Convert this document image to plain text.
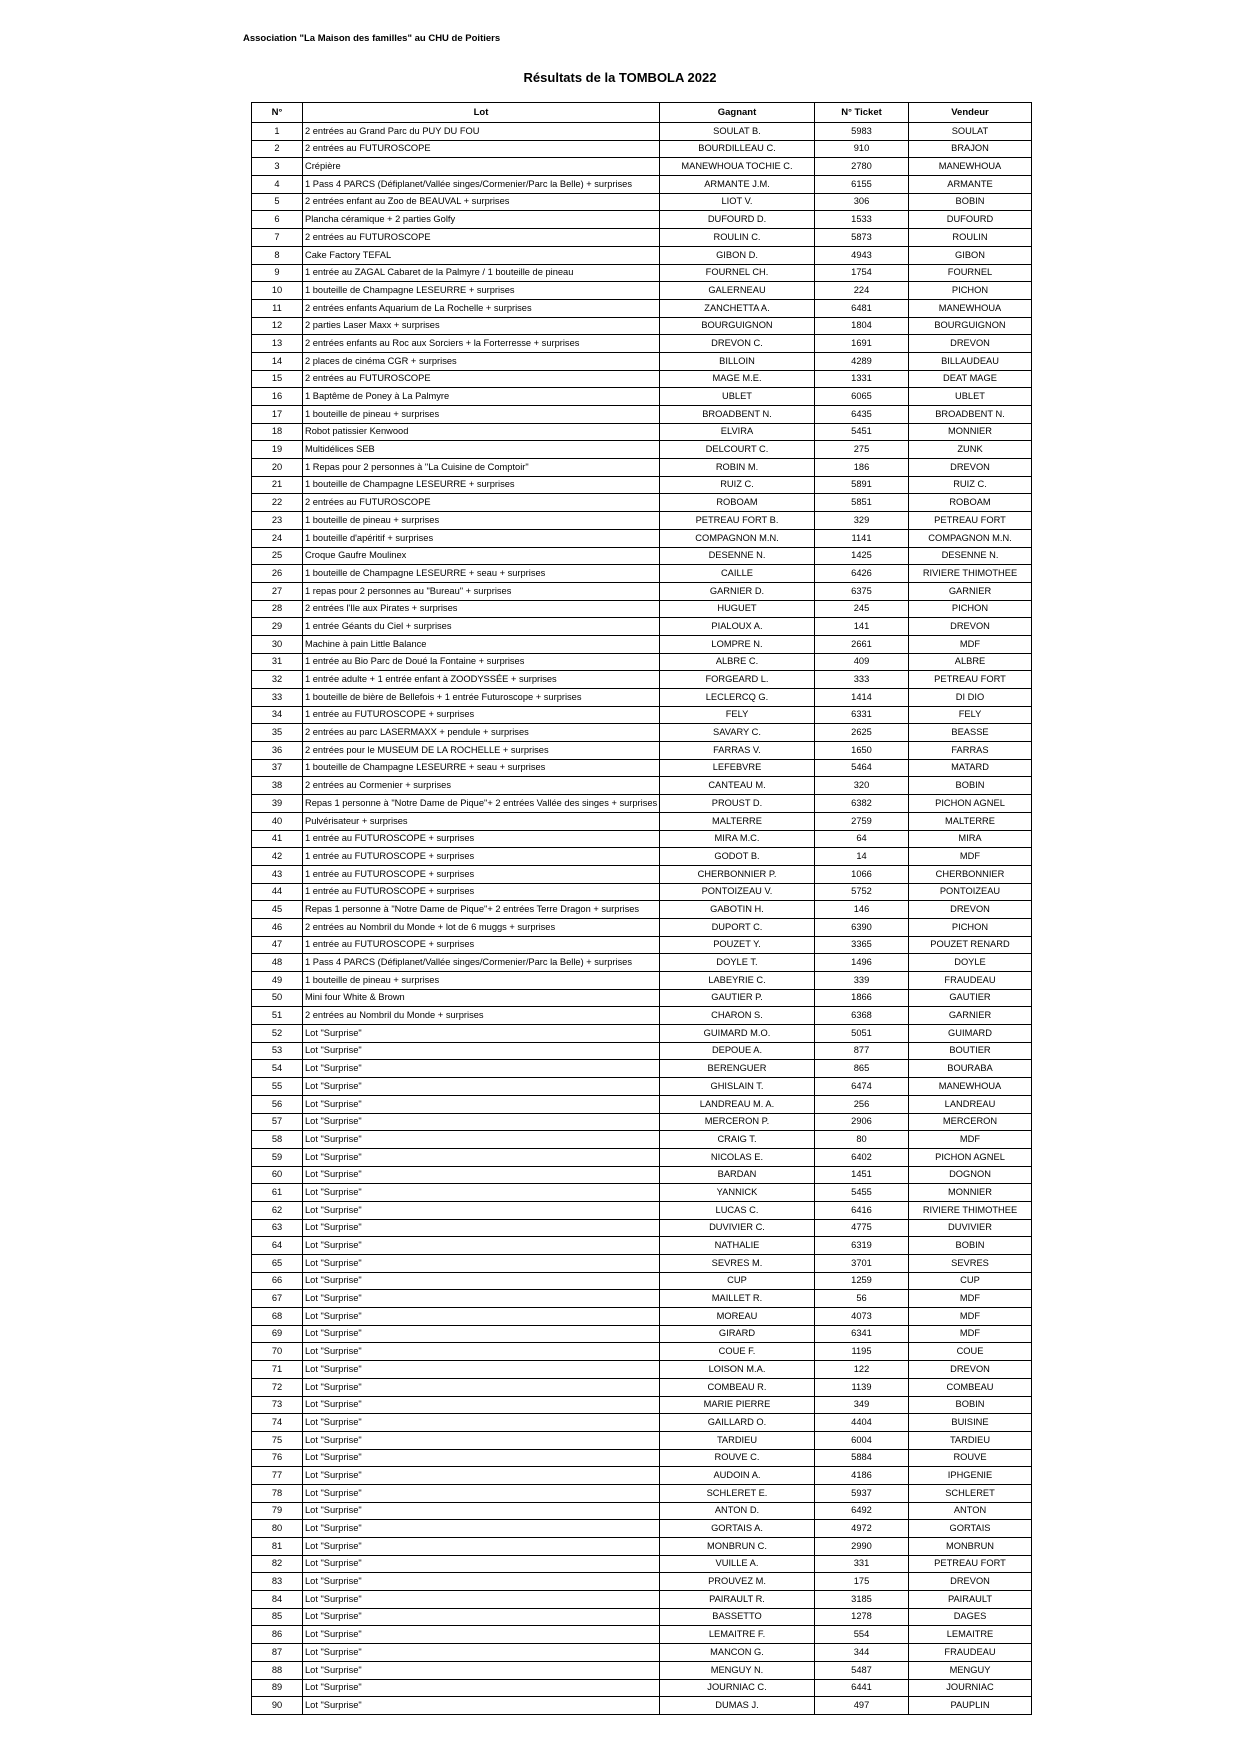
Association "La Maison des familles" au CHU de Poitiers
Résultats de la TOMBOLA 2022
N°	Lot	Gagnant	N° Ticket	Vendeur
1	2 entrées au Grand Parc du PUY DU FOU	SOULAT B.	5983	SOULAT
2	2 entrées au FUTUROSCOPE	BOURDILLEAU C.	910	BRAJON
3	Crépière	MANEWHOUA TOCHIE C.	2780	MANEWHOUA
4	1 Pass 4 PARCS (Défiplanet/Vallée singes/Cormenier/Parc la Belle) + surprises	ARMANTE J.M.	6155	ARMANTE
5	2 entrées enfant au Zoo de BEAUVAL + surprises	LIOT V.	306	BOBIN
6	Plancha céramique + 2 parties Golfy	DUFOURD D.	1533	DUFOURD
7	2 entrées au FUTUROSCOPE	ROULIN C.	5873	ROULIN
8	Cake Factory TEFAL	GIBON D.	4943	GIBON
9	1 entrée au ZAGAL Cabaret de la Palmyre / 1 bouteille de pineau	FOURNEL CH.	1754	FOURNEL
10	1 bouteille de Champagne LESEURRE + surprises	GALERNEAU	224	PICHON
11	2 entrées enfants Aquarium de La Rochelle + surprises	ZANCHETTA A.	6481	MANEWHOUA
12	2 parties Laser Maxx + surprises	BOURGUIGNON	1804	BOURGUIGNON
13	2 entrées enfants au Roc aux Sorciers + la Forterresse + surprises	DREVON C.	1691	DREVON
14	2 places de cinéma CGR + surprises	BILLOIN	4289	BILLAUDEAU
15	2 entrées au FUTUROSCOPE	MAGE M.E.	1331	DEAT MAGE
16	1 Baptême de Poney à La Palmyre	UBLET	6065	UBLET
17	1 bouteille de pineau + surprises	BROADBENT N.	6435	BROADBENT N.
18	Robot patissier Kenwood	ELVIRA	5451	MONNIER
19	Multidélices SEB	DELCOURT C.	275	ZUNK
20	1 Repas pour 2 personnes à "La Cuisine de Comptoir"	ROBIN M.	186	DREVON
21	1 bouteille de Champagne LESEURRE + surprises	RUIZ C.	5891	RUIZ C.
22	2 entrées au FUTUROSCOPE	ROBOAM	5851	ROBOAM
23	1 bouteille de pineau + surprises	PETREAU FORT B.	329	PETREAU FORT
24	1 bouteille d'apéritif + surprises	COMPAGNON M.N.	1141	COMPAGNON M.N.
25	Croque Gaufre Moulinex	DESENNE N.	1425	DESENNE N.
26	1 bouteille de Champagne LESEURRE + seau + surprises	CAILLE	6426	RIVIERE THIMOTHEE
27	1 repas pour 2 personnes au "Bureau" + surprises	GARNIER D.	6375	GARNIER
28	2 entrées l'Ile aux Pirates + surprises	HUGUET	245	PICHON
29	1 entrée Géants du Ciel + surprises	PIALOUX A.	141	DREVON
30	Machine à pain Little Balance	LOMPRE N.	2661	MDF
31	1 entrée au Bio Parc de Doué la Fontaine + surprises	ALBRE C.	409	ALBRE
32	1 entrée adulte + 1 entrée enfant à ZOODYSSÉE + surprises	FORGEARD L.	333	PETREAU FORT
33	1 bouteille de bière de Bellefois + 1 entrée Futuroscope + surprises	LECLERCQ G.	1414	DI DIO
34	1 entrée au FUTUROSCOPE + surprises	FELY	6331	FELY
35	2 entrées au parc LASERMAXX + pendule + surprises	SAVARY C.	2625	BEASSE
36	2 entrées pour le MUSEUM DE LA ROCHELLE + surprises	FARRAS V.	1650	FARRAS
37	1 bouteille de Champagne LESEURRE + seau + surprises	LEFEBVRE	5464	MATARD
38	2 entrées au Cormenier + surprises	CANTEAU M.	320	BOBIN
39	Repas 1 personne à "Notre Dame de Pique"+ 2 entrées Vallée des singes + surprises	PROUST D.	6382	PICHON AGNEL
40	Pulvérisateur + surprises	MALTERRE	2759	MALTERRE
41	1 entrée au FUTUROSCOPE + surprises	MIRA M.C.	64	MIRA
42	1 entrée au FUTUROSCOPE + surprises	GODOT B.	14	MDF
43	1 entrée au FUTUROSCOPE + surprises	CHERBONNIER P.	1066	CHERBONNIER
44	1 entrée au FUTUROSCOPE + surprises	PONTOIZEAU V.	5752	PONTOIZEAU
45	Repas 1 personne à "Notre Dame de Pique"+ 2 entrées Terre Dragon + surprises	GABOTIN H.	146	DREVON
46	2 entrées au Nombril du Monde + lot de 6 muggs + surprises	DUPORT C.	6390	PICHON
47	1 entrée au FUTUROSCOPE + surprises	POUZET Y.	3365	POUZET RENARD
48	1 Pass 4 PARCS (Défiplanet/Vallée singes/Cormenier/Parc la Belle) + surprises	DOYLE T.	1496	DOYLE
49	1 bouteille de pineau + surprises	LABEYRIE C.	339	FRAUDEAU
50	Mini four White & Brown	GAUTIER P.	1866	GAUTIER
51	2 entrées au Nombril du Monde + surprises	CHARON S.	6368	GARNIER
52	Lot "Surprise"	GUIMARD M.O.	5051	GUIMARD
53	Lot "Surprise"	DEPOUE A.	877	BOUTIER
54	Lot "Surprise"	BERENGUER	865	BOURABA
55	Lot "Surprise"	GHISLAIN T.	6474	MANEWHOUA
56	Lot "Surprise"	LANDREAU M. A.	256	LANDREAU
57	Lot "Surprise"	MERCERON P.	2906	MERCERON
58	Lot "Surprise"	CRAIG T.	80	MDF
59	Lot "Surprise"	NICOLAS E.	6402	PICHON AGNEL
60	Lot "Surprise"	BARDAN	1451	DOGNON
61	Lot "Surprise"	YANNICK	5455	MONNIER
62	Lot "Surprise"	LUCAS C.	6416	RIVIERE THIMOTHEE
63	Lot "Surprise"	DUVIVIER C.	4775	DUVIVIER
64	Lot "Surprise"	NATHALIE	6319	BOBIN
65	Lot "Surprise"	SEVRES M.	3701	SEVRES
66	Lot "Surprise"	CUP	1259	CUP
67	Lot "Surprise"	MAILLET R.	56	MDF
68	Lot "Surprise"	MOREAU	4073	MDF
69	Lot "Surprise"	GIRARD	6341	MDF
70	Lot "Surprise"	COUE F.	1195	COUE
71	Lot "Surprise"	LOISON M.A.	122	DREVON
72	Lot "Surprise"	COMBEAU R.	1139	COMBEAU
73	Lot "Surprise"	MARIE PIERRE	349	BOBIN
74	Lot "Surprise"	GAILLARD O.	4404	BUISINE
75	Lot "Surprise"	TARDIEU	6004	TARDIEU
76	Lot "Surprise"	ROUVE C.	5884	ROUVE
77	Lot "Surprise"	AUDOIN A.	4186	IPHGENIE
78	Lot "Surprise"	SCHLERET E.	5937	SCHLERET
79	Lot "Surprise"	ANTON D.	6492	ANTON
80	Lot "Surprise"	GORTAIS A.	4972	GORTAIS
81	Lot "Surprise"	MONBRUN C.	2990	MONBRUN
82	Lot "Surprise"	VUILLE A.	331	PETREAU FORT
83	Lot "Surprise"	PROUVEZ M.	175	DREVON
84	Lot "Surprise"	PAIRAULT R.	3185	PAIRAULT
85	Lot "Surprise"	BASSETTO	1278	DAGES
86	Lot "Surprise"	LEMAITRE F.	554	LEMAITRE
87	Lot "Surprise"	MANCON G.	344	FRAUDEAU
88	Lot "Surprise"	MENGUY N.	5487	MENGUY
89	Lot "Surprise"	JOURNIAC C.	6441	JOURNIAC
90	Lot "Surprise"	DUMAS J.	497	PAUPLIN
